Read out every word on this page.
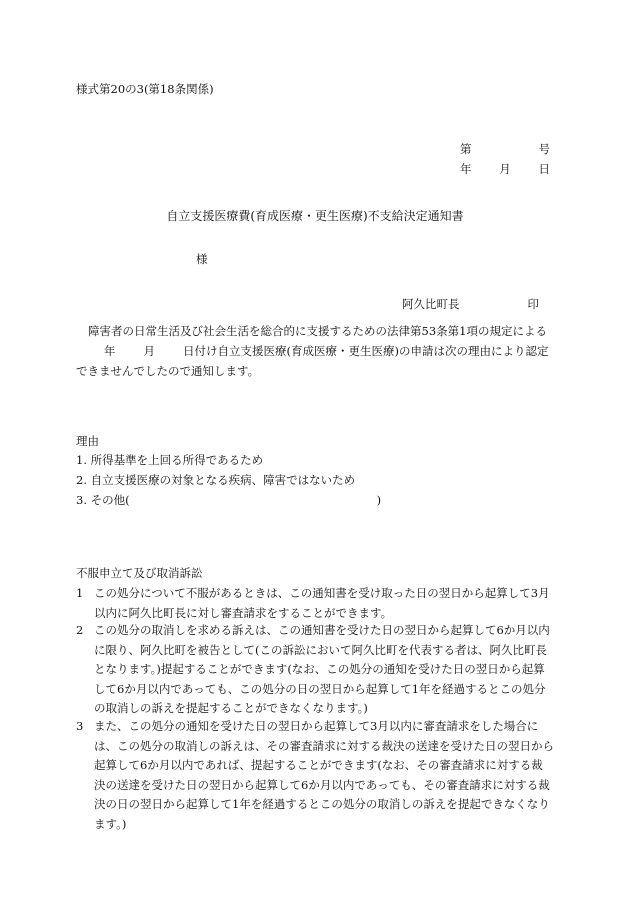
様式第20の3(第18条関係)
第	号
年 月 日
自立支援医療費(育成医療・更生医療)不支給決定通知書
様
阿久比町長	印
障害者の日常生活及び社会生活を総合的に支援するための法律第53条第1項の規定による年 月 日付け自立支援医療(育成医療・更生医療)の申請は次の理由により認定できませんでしたので通知します。
理由
1. 所得基準を上回る所得であるため
2. 自立支援医療の対象となる疾病、障害ではないため
3. その他(	)
不服申立て及び取消訴訟
1 この処分について不服があるときは、この通知書を受け取った日の翌日から起算して3月以内に阿久比町長に対し審査請求をすることができます。
2 この処分の取消しを求める訴えは、この通知書を受けた日の翌日から起算して6か月以内に限り、阿久比町を被告として(この訴訟において阿久比町を代表する者は、阿久比町長となります。)提起することができます(なお、この処分の通知を受けた日の翌日から起算して6か月以内であっても、この処分の日の翌日から起算して1年を経過するとこの処分の取消しの訴えを提起することができなくなります。)
3 また、この処分の通知を受けた日の翌日から起算して3月以内に審査請求をした場合には、この処分の取消しの訴えは、その審査請求に対する裁決の送達を受けた日の翌日から起算して6か月以内であれば、提起することができます(なお、その審査請求に対する裁決の送達を受けた日の翌日から起算して6か月以内であっても、その審査請求に対する裁決の日の翌日から起算して1年を経過するとこの処分の取消しの訴えを提起できなくなります。)
